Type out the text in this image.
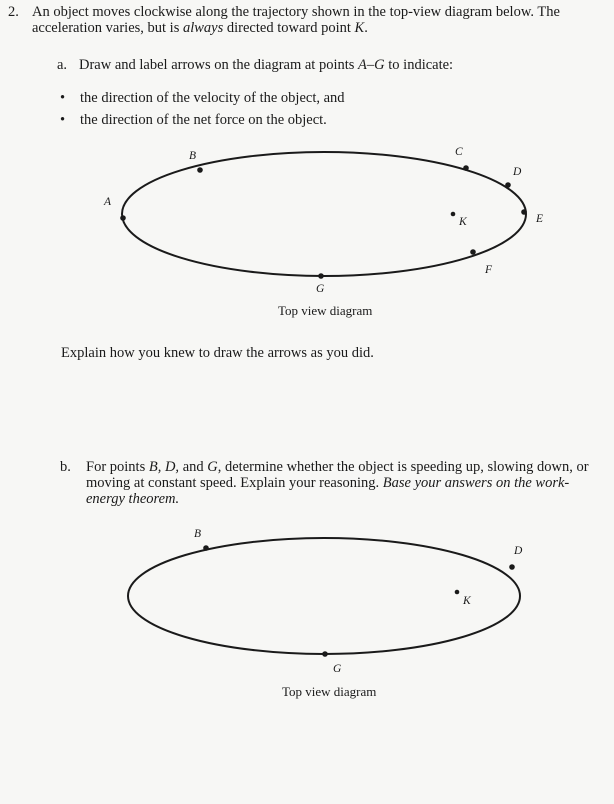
2. An object moves clockwise along the trajectory shown in the top-view diagram below. The
acceleration varies, but is always directed toward point K.
a. Draw and label arrows on the diagram at points A–G to indicate:
• the direction of the velocity of the object, and
• the direction of the net force on the object.
A
B	C
D
E
F
G
K
Top view diagram
Explain how you knew to draw the arrows as you did.
b. For points B, D, and G, determine whether the object is speeding up, slowing down, or
moving at constant speed. Explain your reasoning. Base your answers on the work-
energy theorem.
B
D
G
K
Top view diagram
